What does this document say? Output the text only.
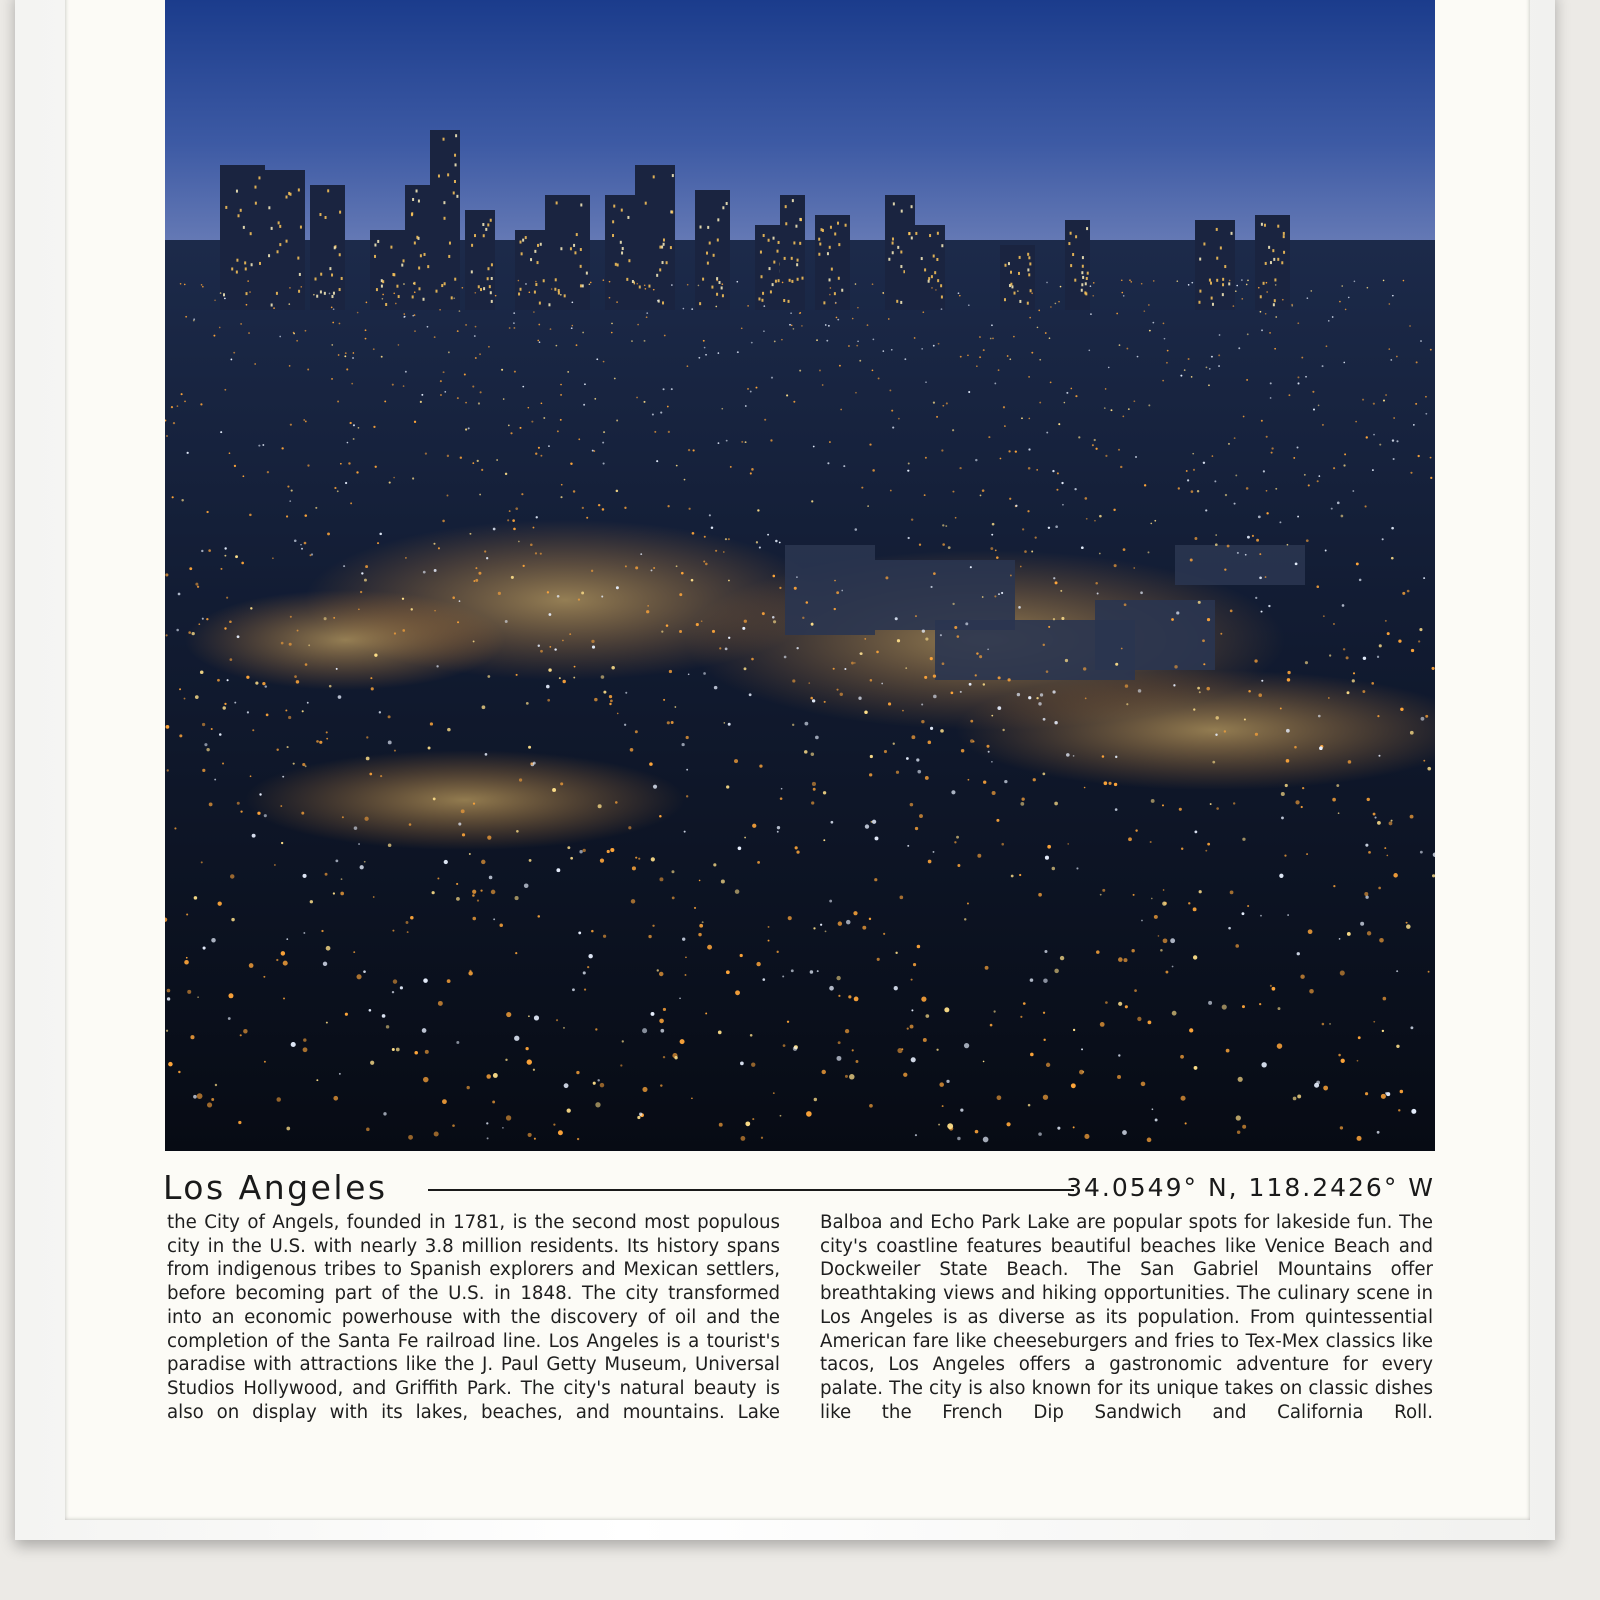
Los Angeles	34.0549° N, 118.2426° W
the City of Angels, founded in 1781, is the second most populous city in the U.S. with nearly 3.8 million residents. Its history spans from indigenous tribes to Spanish explorers and Mexican settlers, before becoming part of the U.S. in 1848. The city transformed into an economic powerhouse with the discovery of oil and the completion of the Santa Fe railroad line. Los Angeles is a tourist's paradise with attractions like the J. Paul Getty Museum, Universal Studios Hollywood, and Griffith Park. The city's natural beauty is also on display with its lakes, beaches, and mountains. Lake
Balboa and Echo Park Lake are popular spots for lakeside fun. The city's coastline features beautiful beaches like Venice Beach and Dockweiler State Beach. The San Gabriel Mountains offer breathtaking views and hiking opportunities. The culinary scene in Los Angeles is as diverse as its population. From quintessential American fare like cheeseburgers and fries to Tex-Mex classics like tacos, Los Angeles offers a gastronomic adventure for every palate. The city is also known for its unique takes on classic dishes like the French Dip Sandwich and California Roll.
